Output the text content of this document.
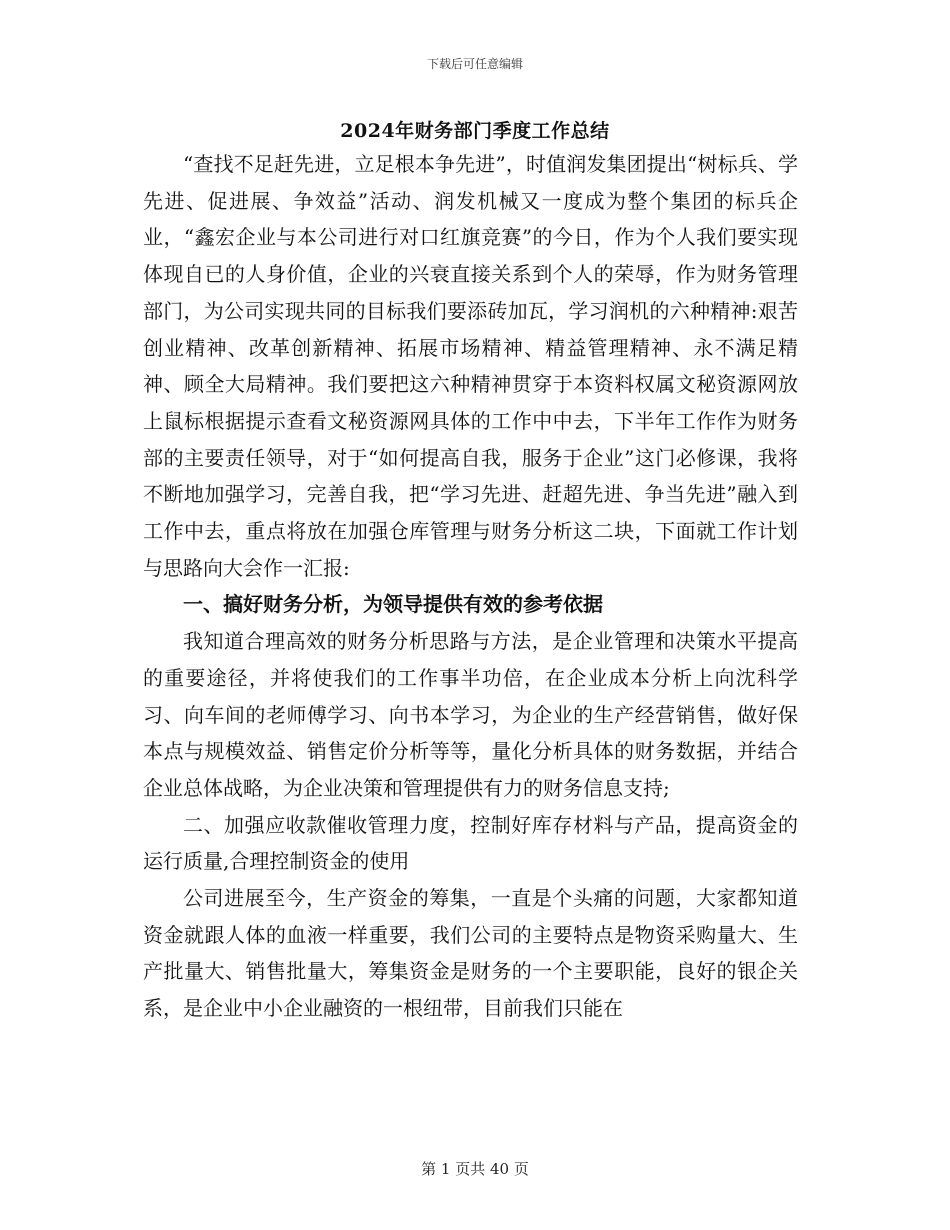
下载后可任意编辑
2024年财务部门季度工作总结

“查找不足赶先进，立足根本争先进”，时值润发集团提出“树标兵、学先进、促进展、争效益”活动、润发机械又一度成为整个集团的标兵企业，“鑫宏企业与本公司进行对口红旗竞赛”的今日，作为个人我们要实现体现自已的人身价值，企业的兴衰直接关系到个人的荣辱，作为财务管理部门，为公司实现共同的目标我们要添砖加瓦，学习润机的六种精神:艰苦创业精神、改革创新精神、拓展市场精神、精益管理精神、永不满足精神、顾全大局精神。我们要把这六种精神贯穿于本资料权属文秘资源网放上鼠标根据提示查看文秘资源网具体的工作中中去，下半年工作作为财务部的主要责任领导，对于“如何提高自我，服务于企业”这门必修课，我将不断地加强学习，完善自我，把“学习先进、赶超先进、争当先进”融入到工作中去，重点将放在加强仓库管理与财务分析这二块，下面就工作计划与思路向大会作一汇报:

一、搞好财务分析，为领导提供有效的参考依据

我知道合理高效的财务分析思路与方法，是企业管理和决策水平提高的重要途径，并将使我们的工作事半功倍，在企业成本分析上向沈科学习、向车间的老师傅学习、向书本学习，为企业的生产经营销售，做好保本点与规模效益、销售定价分析等等，量化分析具体的财务数据，并结合企业总体战略，为企业决策和管理提供有力的财务信息支持;

二、加强应收款催收管理力度，控制好库存材料与产品，提高资金的运行质量,合理控制资金的使用

公司进展至今，生产资金的筹集，一直是个头痛的问题，大家都知道资金就跟人体的血液一样重要，我们公司的主要特点是物资采购量大、生产批量大、销售批量大，筹集资金是财务的一个主要职能，良好的银企关系，是企业中小企业融资的一根纽带，目前我们只能在

第 1 页共 40 页
